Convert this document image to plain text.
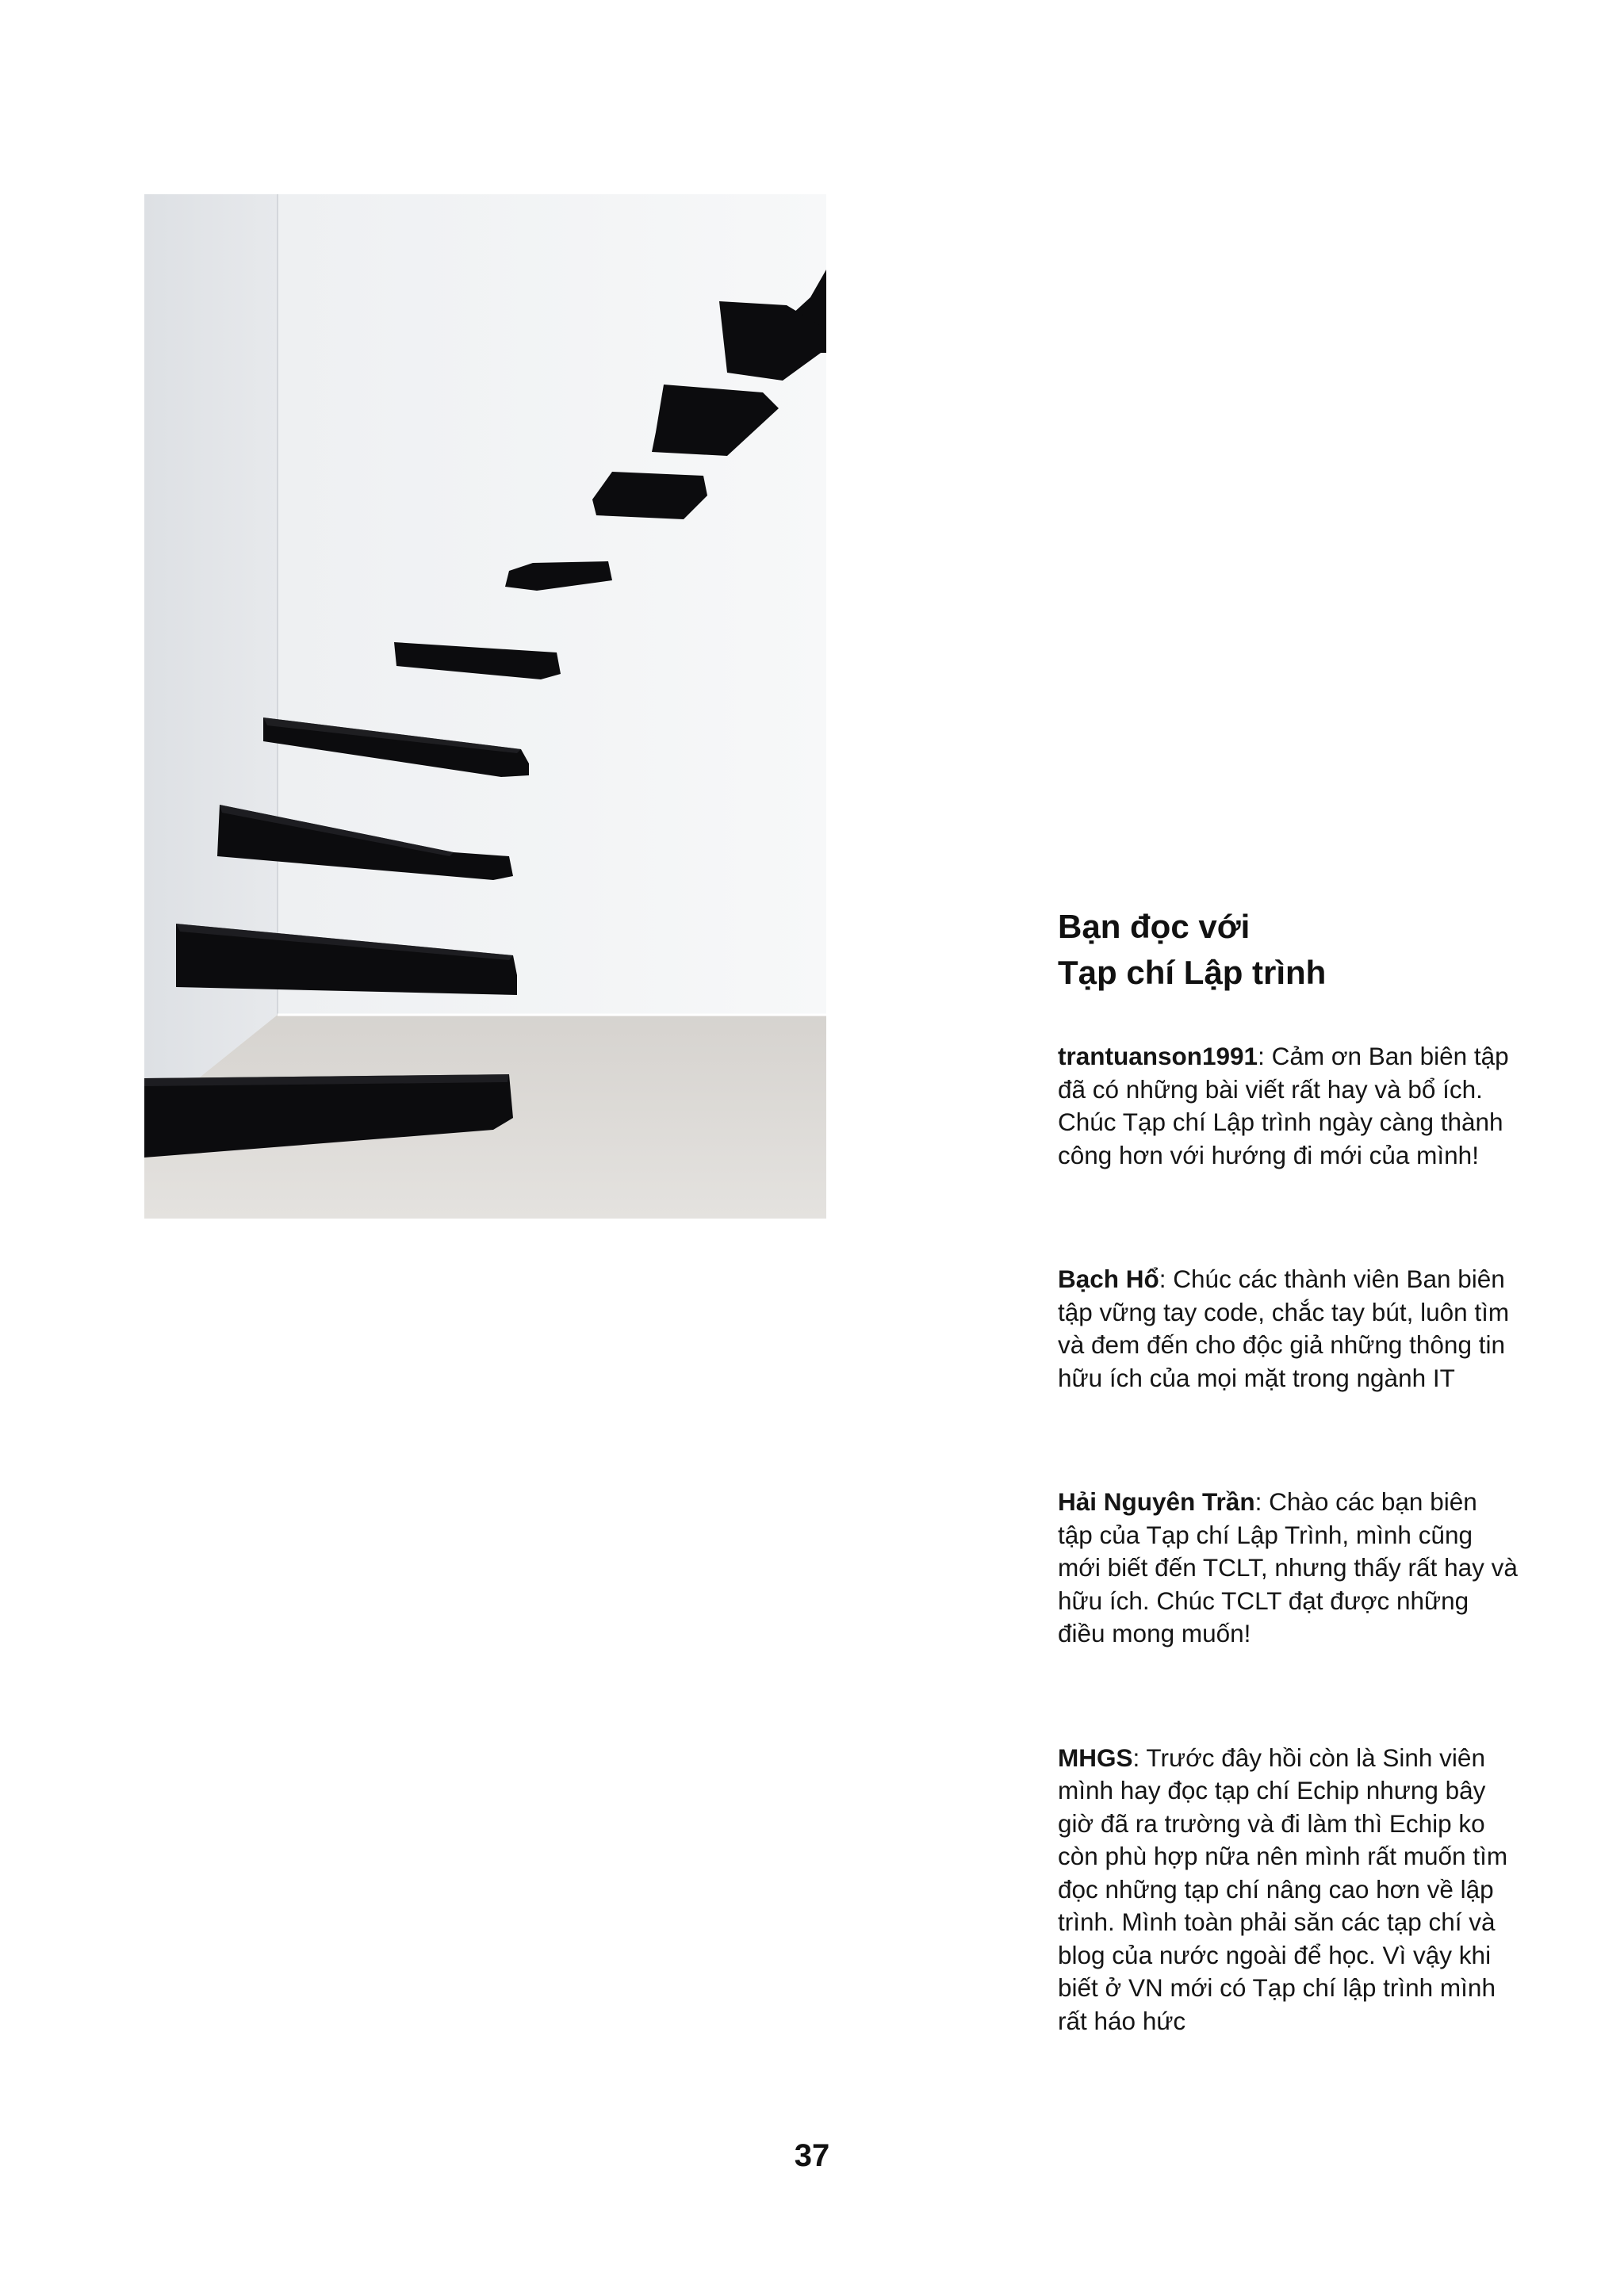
Bạn đọc với
Tạp chí Lập trình

trantuanson1991: Cảm ơn Ban biên tập đã có những bài viết rất hay và bổ ích. Chúc Tạp chí Lập trình ngày càng thành công hơn với hướng đi mới của mình!

Bạch Hổ: Chúc các thành viên Ban biên tập vững tay code, chắc tay bút, luôn tìm và đem đến cho độc giả những thông tin hữu ích của mọi mặt trong ngành IT

Hải Nguyên Trần: Chào các bạn biên tập của Tạp chí Lập Trình, mình cũng mới biết đến TCLT, nhưng thấy rất hay và hữu ích. Chúc TCLT đạt được những điều mong muốn!

MHGS: Trước đây hồi còn là Sinh viên mình hay đọc tạp chí Echip nhưng bây giờ đã ra trường và đi làm thì Echip ko còn phù hợp nữa nên mình rất muốn tìm đọc những tạp chí nâng cao hơn về lập trình. Mình toàn phải săn các tạp chí và blog của nước ngoài để học. Vì vậy khi biết ở VN mới có Tạp chí lập trình mình rất háo hức

37
